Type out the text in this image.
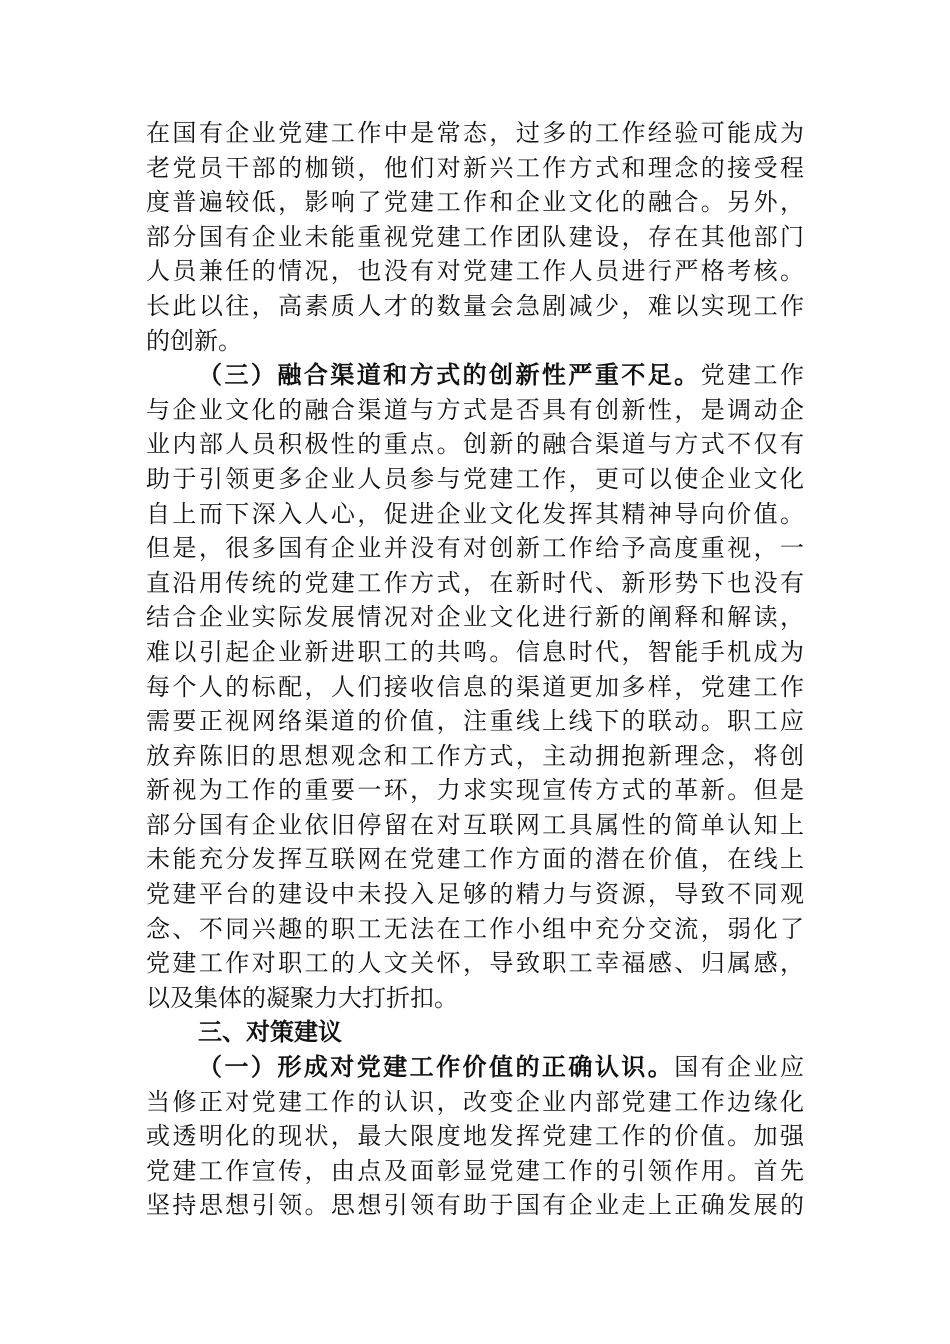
在国有企业党建工作中是常态，过多的工作经验可能成为
老党员干部的枷锁，他们对新兴工作方式和理念的接受程
度普遍较低，影响了党建工作和企业文化的融合。另外，
部分国有企业未能重视党建工作团队建设，存在其他部门
人员兼任的情况，也没有对党建工作人员进行严格考核。
长此以往，高素质人才的数量会急剧减少，难以实现工作
的创新。
（三）融合渠道和方式的创新性严重不足。党建工作
与企业文化的融合渠道与方式是否具有创新性，是调动企
业内部人员积极性的重点。创新的融合渠道与方式不仅有
助于引领更多企业人员参与党建工作，更可以使企业文化
自上而下深入人心，促进企业文化发挥其精神导向价值。
但是，很多国有企业并没有对创新工作给予高度重视，一
直沿用传统的党建工作方式，在新时代、新形势下也没有
结合企业实际发展情况对企业文化进行新的阐释和解读，
难以引起企业新进职工的共鸣。信息时代，智能手机成为
每个人的标配，人们接收信息的渠道更加多样，党建工作
需要正视网络渠道的价值，注重线上线下的联动。职工应
放弃陈旧的思想观念和工作方式，主动拥抱新理念，将创
新视为工作的重要一环，力求实现宣传方式的革新。但是
部分国有企业依旧停留在对互联网工具属性的简单认知上
未能充分发挥互联网在党建工作方面的潜在价值，在线上
党建平台的建设中未投入足够的精力与资源，导致不同观
念、不同兴趣的职工无法在工作小组中充分交流，弱化了
党建工作对职工的人文关怀，导致职工幸福感、归属感，
以及集体的凝聚力大打折扣。
三、对策建议
（一）形成对党建工作价值的正确认识。国有企业应
当修正对党建工作的认识，改变企业内部党建工作边缘化
或透明化的现状，最大限度地发挥党建工作的价值。加强
党建工作宣传，由点及面彰显党建工作的引领作用。首先
坚持思想引领。思想引领有助于国有企业走上正确发展的
